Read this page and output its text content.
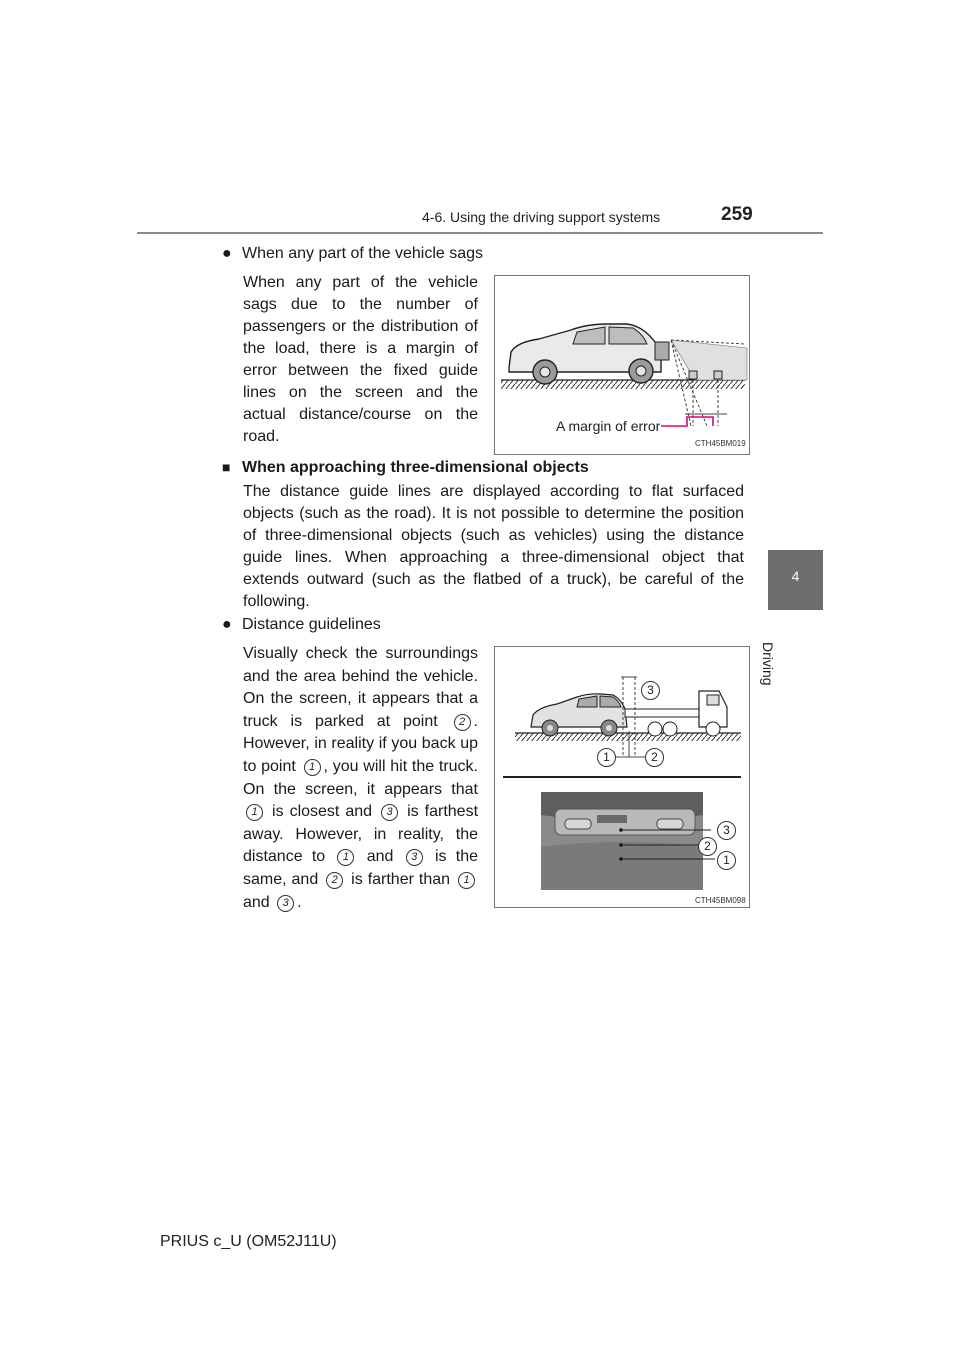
4-6. Using the driving support systems	259
4
Driving
● When any part of the vehicle sags
When any part of the vehicle sags due to the number of passengers or the distribution of the load, there is a margin of error between the fixed guide lines on the screen and the actual distance/course on the road.
A margin of error
CTH45BM019
■ When approaching three-dimensional objects
The distance guide lines are displayed according to flat surfaced objects (such as the road). It is not possible to determine the position of three-dimensional objects (such as vehicles) using the distance guide lines. When approaching a three-dimensional object that extends outward (such as the flatbed of a truck), be careful of the following.
● Distance guidelines
Visually check the surroundings and the area behind the vehicle. On the screen, it appears that a truck is parked at point 2 . However, in reality if you back up to point 1 , you will hit the truck. On the screen, it appears that 1 is closest and 3 is farthest away. However, in reality, the distance to 1 and 3 is the same, and 2 is farther than 1 and 3 .
3
1	2
3
2
1
CTH45BM098
PRIUS c_U (OM52J11U)
